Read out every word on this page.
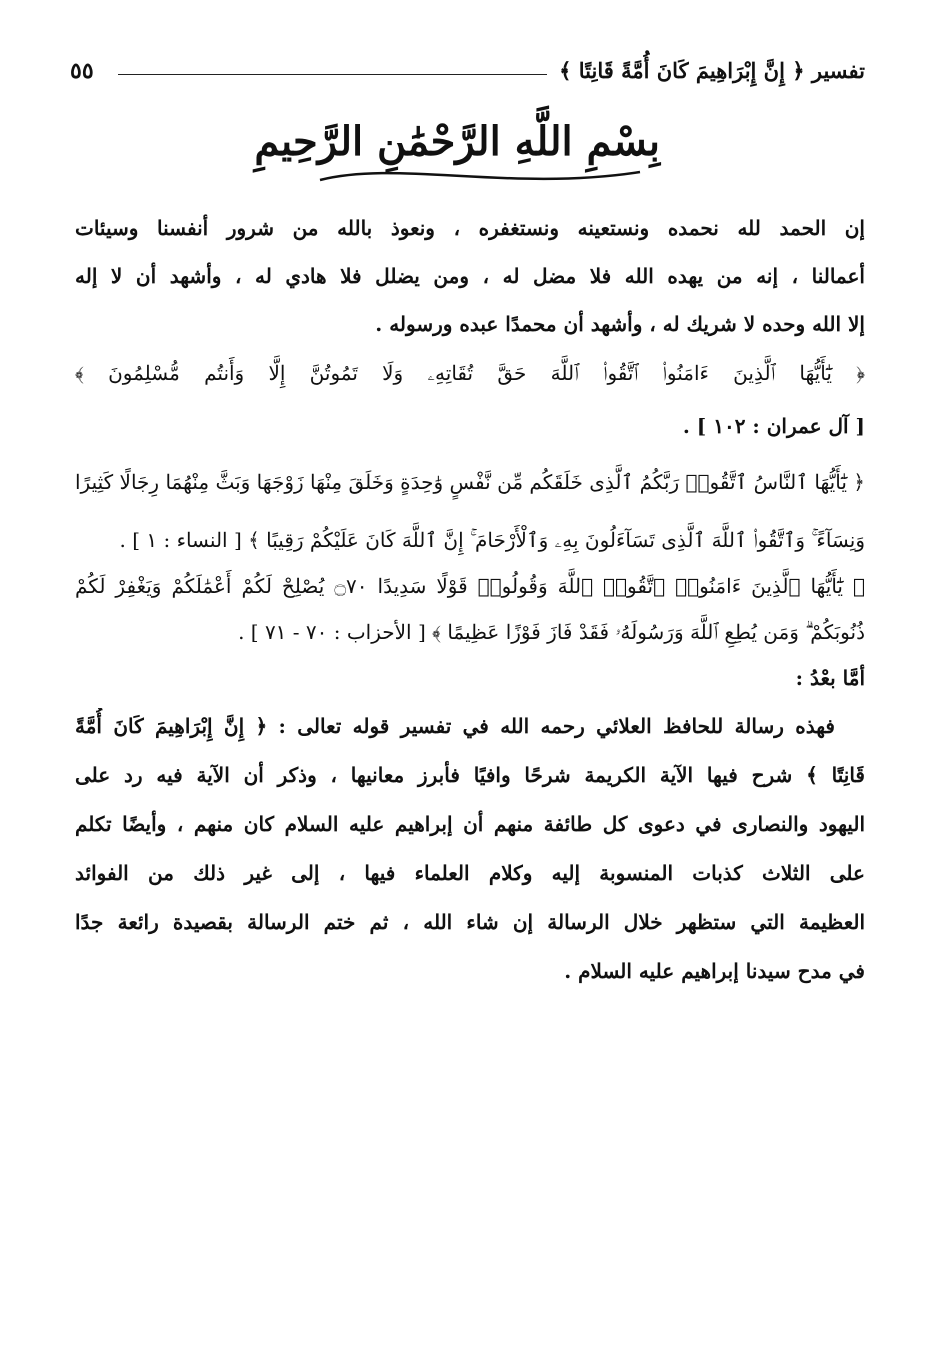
تفسير ﴿ إِنَّ إِبْرَاهِيمَ كَانَ أُمَّةً قَانِتًا ﴾
٥٥
بِسْمِ اللَّهِ الرَّحْمَٰنِ الرَّحِيمِ
إن الحمد لله نحمده ونستعينه ونستغفره ، ونعوذ بالله من شرور أنفسنا وسيئات
أعمالنا ، إنه من يهده الله فلا مضل له ، ومن يضلل فلا هادي له ، وأشهد أن لا إله
إلا الله وحده لا شريك له ، وأشهد أن محمدًا عبده ورسوله .
﴿ يَٰٓأَيُّهَا ٱلَّذِينَ ءَامَنُوا۟ ٱتَّقُوا۟ ٱللَّهَ حَقَّ تُقَاتِهِۦ وَلَا تَمُوتُنَّ إِلَّا وَأَنتُم مُّسْلِمُونَ ﴾
[ آل عمران : ١٠٢ ] .
﴿ يَٰٓأَيُّهَا ٱلنَّاسُ ٱتَّقُوا۟ رَبَّكُمُ ٱلَّذِى خَلَقَكُم مِّن نَّفْسٍ وَٰحِدَةٍ وَخَلَقَ مِنْهَا زَوْجَهَا وَبَثَّ مِنْهُمَا رِجَالًا كَثِيرًا
وَنِسَآءً ۚ وَٱتَّقُوا۟ ٱللَّهَ ٱلَّذِى تَسَآءَلُونَ بِهِۦ وَٱلْأَرْحَامَ ۚ إِنَّ ٱللَّهَ كَانَ عَلَيْكُمْ رَقِيبًا ﴾ [ النساء : ١ ] .
﴿ يَٰٓأَيُّهَا ٱلَّذِينَ ءَامَنُوا۟ ٱتَّقُوا۟ ٱللَّهَ وَقُولُوا۟ قَوْلًا سَدِيدًا ۝٧٠ يُصْلِحْ لَكُمْ أَعْمَٰلَكُمْ وَيَغْفِرْ لَكُمْ
ذُنُوبَكُمْ ۗ وَمَن يُطِعِ ٱللَّهَ وَرَسُولَهُۥ فَقَدْ فَازَ فَوْزًا عَظِيمًا ﴾ [ الأحزاب : ٧٠ - ٧١ ] .
أمَّا بعْدُ :
فهذه رسالة للحافظ العلائي رحمه الله في تفسير قوله تعالى : ﴿ إِنَّ إِبْرَاهِيمَ كَانَ أُمَّةً
قَانِتًا ﴾ شرح فيها الآية الكريمة شرحًا وافيًا فأبرز معانيها ، وذكر أن الآية فيه رد على
اليهود والنصارى في دعوى كل طائفة منهم أن إبراهيم عليه السلام كان منهم ، وأيضًا تكلم
على الثلاث كذبات المنسوبة إليه وكلام العلماء فيها ، إلى غير ذلك من الفوائد
العظيمة التي ستظهر خلال الرسالة إن شاء الله ، ثم ختم الرسالة بقصيدة رائعة جدًا
في مدح سيدنا إبراهيم عليه السلام .
